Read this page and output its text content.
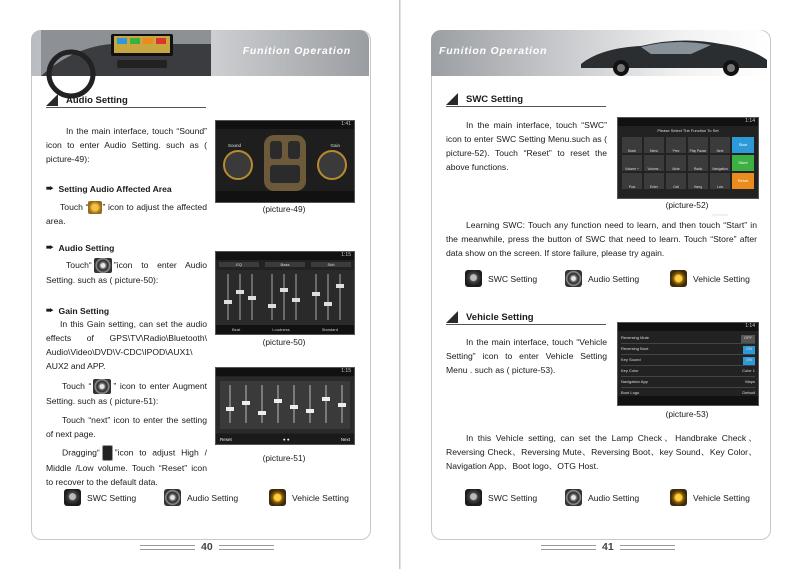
Funition Operation
Audio Setting
In the main interface, touch “Sound” icon to enter Audio Setting. such as ( picture-49):
1:41
Sound	Gain
(picture-49)
➨ Setting Audio Affected Area
Touch “ ” icon to adjust the affected area.
➨ Audio Setting
Touch“	”icon to enter Audio Setting. such as ( picture-50):
1:15
EQ	Bass	Sub
Beat	Loudness	Standard
(picture-50)
➨ Gain Setting
In this Gain setting, can set the audio effects of GPS\TV\Radio\Bluetooth\ Audio\Video\DVD\V-CDC\IPOD\AUX1\ AUX2 and APP.
Touch “	” icon to enter Augment Setting. such as ( picture-51):
1:15
Reset	● ●	Next
(picture-51)
Touch “next” icon to enter the setting of next page.
Dragging“ ”icon to adjust High / Middle /Low volume. Touch “Reset” icon to recover to the default data.
SWC Setting	Audio Setting	Vehicle Setting
40
Funition Operation
SWC Setting
In the main interface, touch “SWC” icon to enter SWC Setting Menu.such as ( picture-52). Touch “Reset” to reset the above functions.
1:14
Please Select The Function To Set
Mode	Menu	Prev	Play Pause	Next
Volume +	Volume -	Mute	Radio	Navigation
Pow	Enter	Call	Hang	Low Impedance
Start
Store
Reset
(picture-52)
Learning SWC: Touch any function need to learn, and then touch “Start” in the meanwhile, press the button of SWC that need to learn. Touch “Store” after data show on the screen. If store failure, please try again.
SWC Setting	Audio Setting	Vehicle Setting
Vehicle Setting
In the main interface, touch “Vehicle Setting” icon to enter Vehicle Setting Menu . such as ( picture-53).
1:14
Reversing Mute	OFF
Reversing Boot	ON
Key Sound	ON
Key Color	Color 1
Navigation App	Maps
Boot Logo	Default
(picture-53)
In this Vehicle setting, can set the Lamp Check、Handbrake Check、Reversing Check、Reversing Mute、Reversing Boot、key Sound、Key Color、Navigation App、Boot logo、OTG Host.
SWC Setting	Audio Setting	Vehicle Setting
41
